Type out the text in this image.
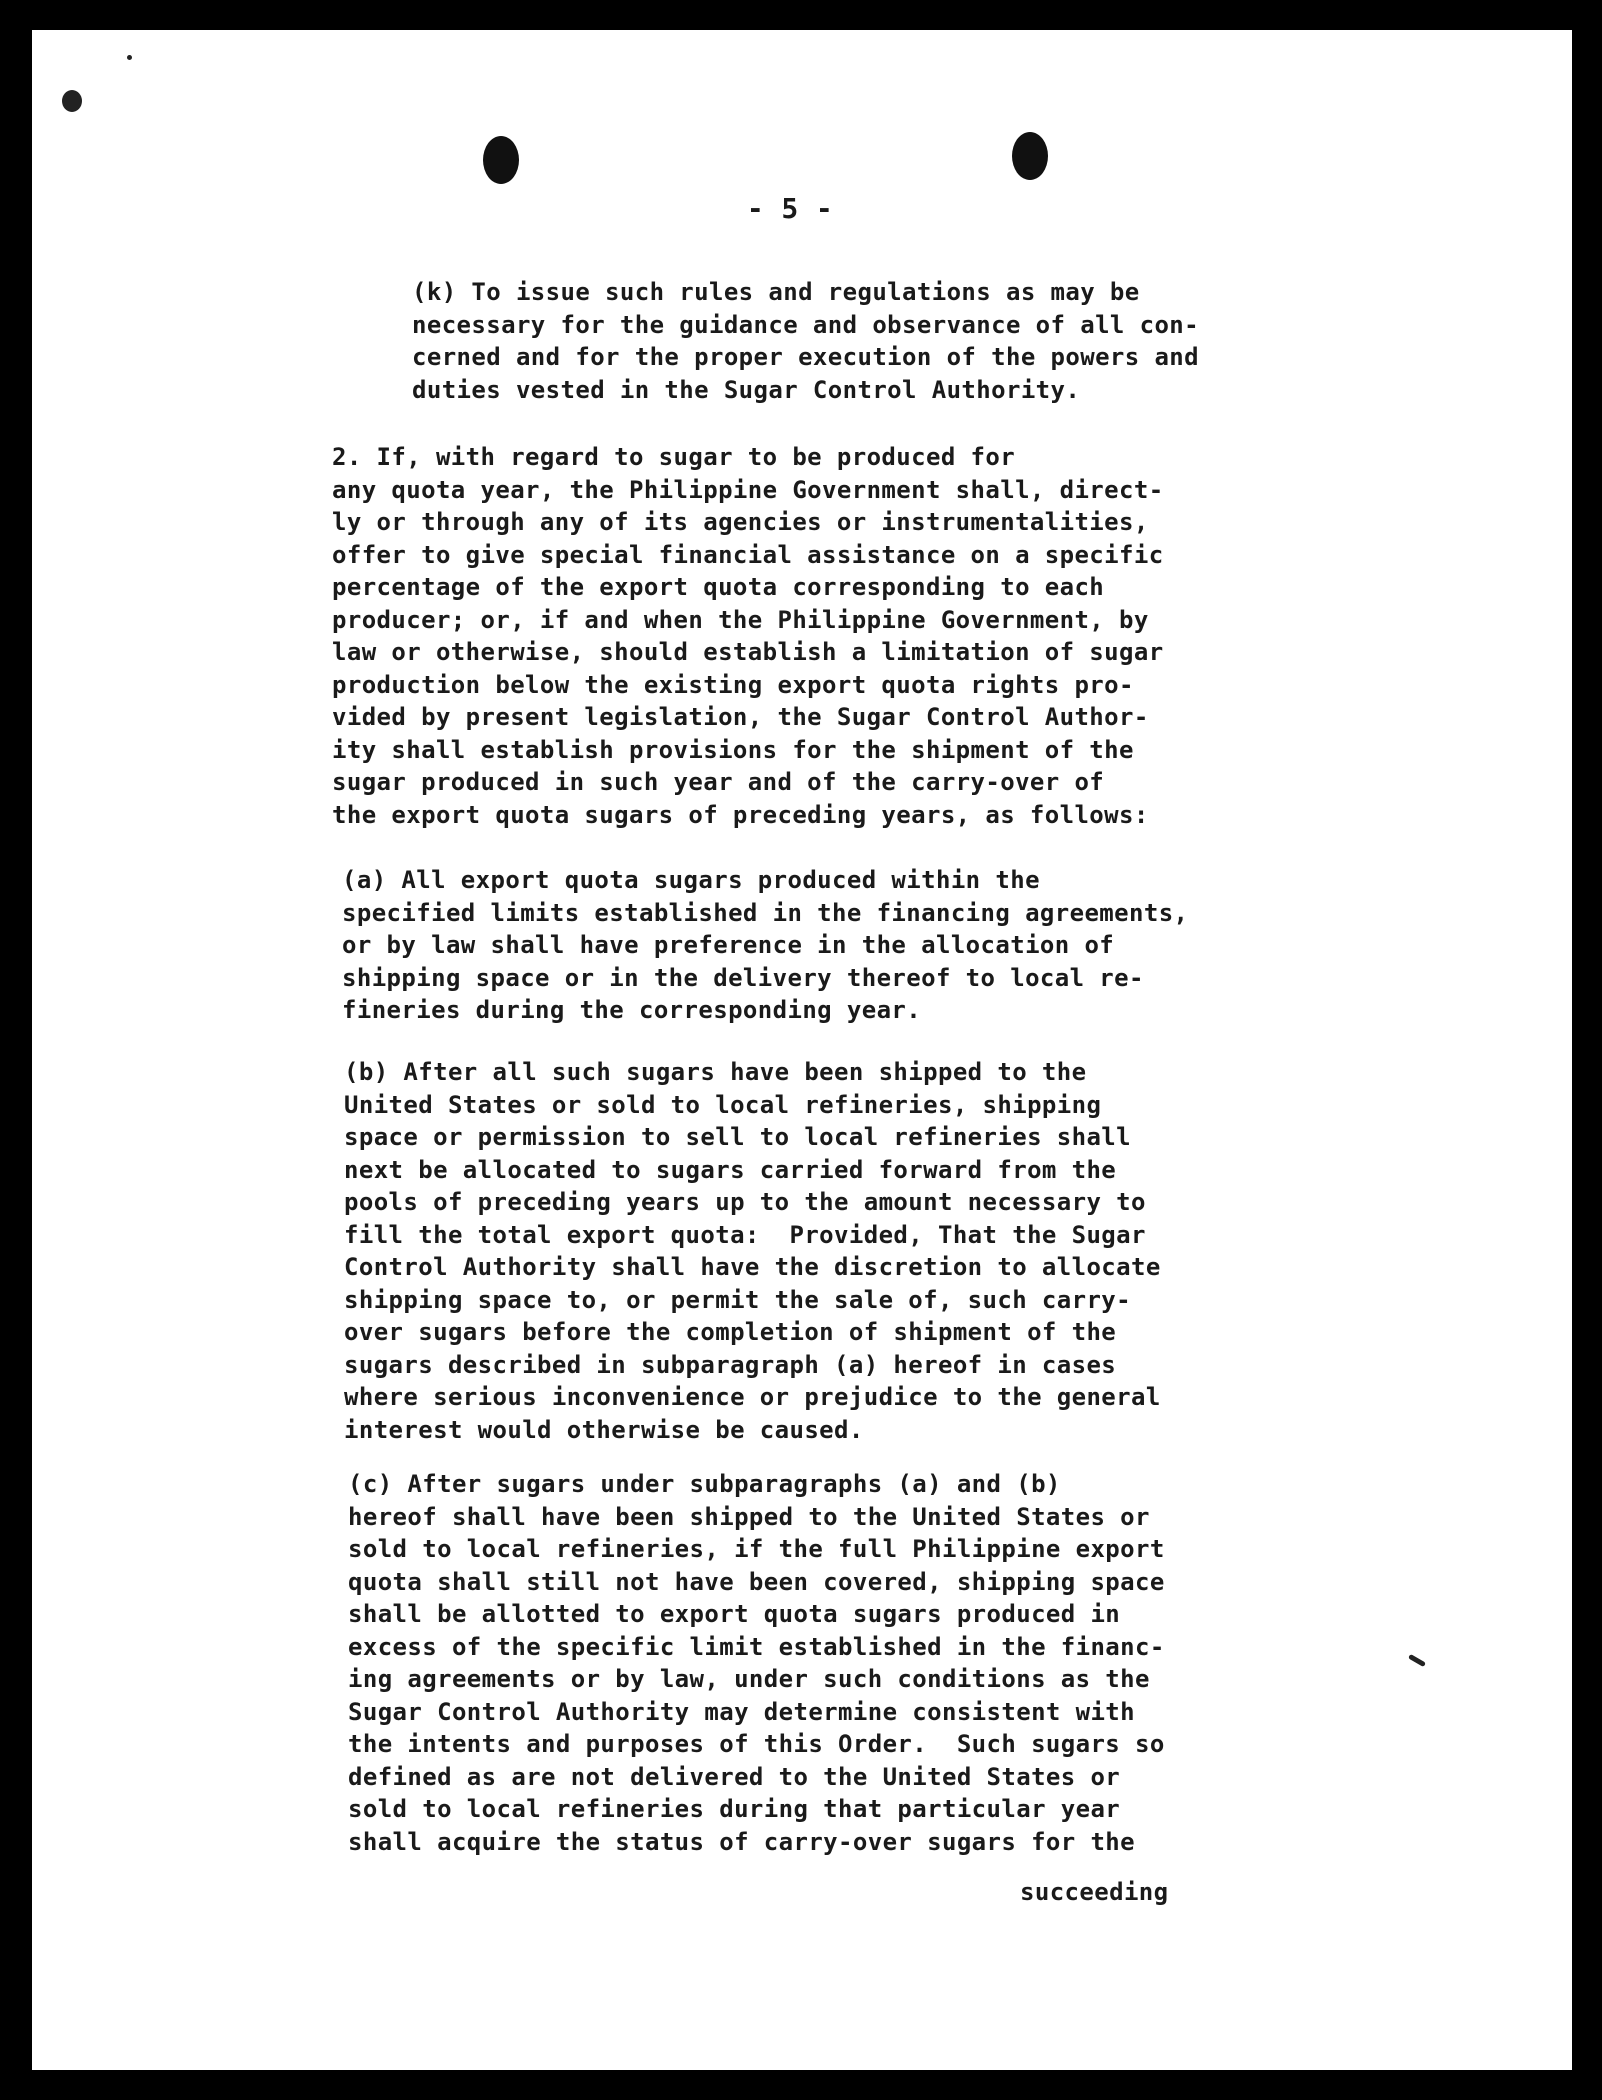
- 5 -
(k) To issue such rules and regulations as may be
necessary for the guidance and observance of all con-
cerned and for the proper execution of the powers and
duties vested in the Sugar Control Authority.
2. If, with regard to sugar to be produced for
any quota year, the Philippine Government shall, direct-
ly or through any of its agencies or instrumentalities,
offer to give special financial assistance on a specific
percentage of the export quota corresponding to each
producer; or, if and when the Philippine Government, by
law or otherwise, should establish a limitation of sugar
production below the existing export quota rights pro-
vided by present legislation, the Sugar Control Author-
ity shall establish provisions for the shipment of the
sugar produced in such year and of the carry-over of
the export quota sugars of preceding years, as follows:
(a) All export quota sugars produced within the
specified limits established in the financing agreements,
or by law shall have preference in the allocation of
shipping space or in the delivery thereof to local re-
fineries during the corresponding year.
(b) After all such sugars have been shipped to the
United States or sold to local refineries, shipping
space or permission to sell to local refineries shall
next be allocated to sugars carried forward from the
pools of preceding years up to the amount necessary to
fill the total export quota:  Provided, That the Sugar
Control Authority shall have the discretion to allocate
shipping space to, or permit the sale of, such carry-
over sugars before the completion of shipment of the
sugars described in subparagraph (a) hereof in cases
where serious inconvenience or prejudice to the general
interest would otherwise be caused.
(c) After sugars under subparagraphs (a) and (b)
hereof shall have been shipped to the United States or
sold to local refineries, if the full Philippine export
quota shall still not have been covered, shipping space
shall be allotted to export quota sugars produced in
excess of the specific limit established in the financ-
ing agreements or by law, under such conditions as the
Sugar Control Authority may determine consistent with
the intents and purposes of this Order.  Such sugars so
defined as are not delivered to the United States or
sold to local refineries during that particular year
shall acquire the status of carry-over sugars for the
succeeding
